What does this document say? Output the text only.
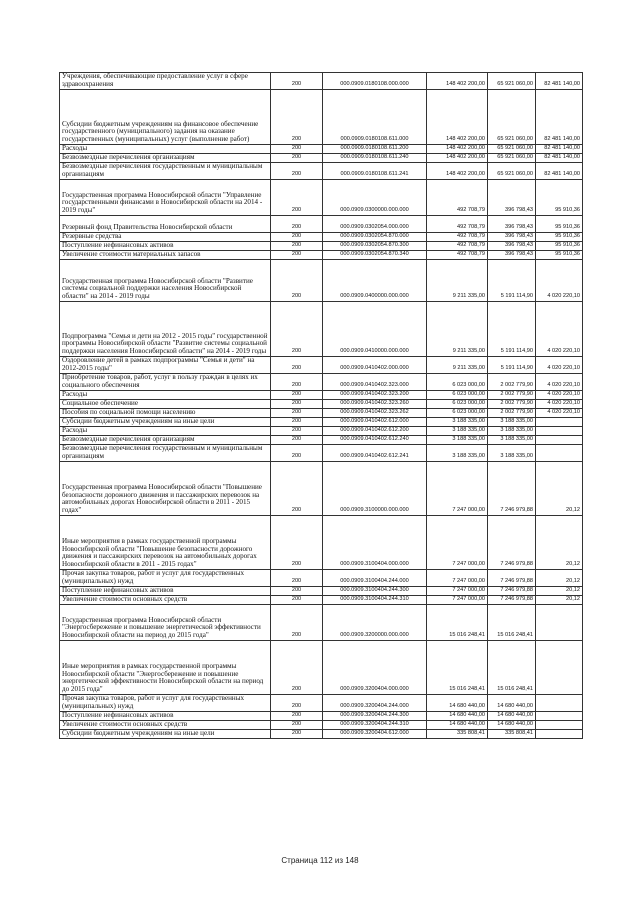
Учреждения, обеспечивающие предоставление услуг в сфере здравоохранения	200	000.0909.0180108.000.000	148 402 200,00	65 921 060,00	82 481 140,00
Субсидии бюджетным учреждениям на финансовое обеспечение государственного (муниципального) задания на оказание государственных (муниципальных) услуг (выполнение работ)	200	000.0909.0180108.611.000	148 402 200,00	65 921 060,00	82 481 140,00
Расходы	200	000.0909.0180108.611.200	148 402 200,00	65 921 060,00	82 481 140,00
Безвозмездные перечисления организациям	200	000.0909.0180108.611.240	148 402 200,00	65 921 060,00	82 481 140,00
Безвозмездные перечисления государственным и муниципальным организациям	200	000.0909.0180108.611.241	148 402 200,00	65 921 060,00	82 481 140,00
Государственная программа Новосибирской области "Управление государственными финансами в Новосибирской области на 2014 - 2019 годы"	200	000.0909.0300000.000.000	492 708,79	396 798,43	95 910,36
Резервный фонд Правительства Новосибирской области	200	000.0909.0302054.000.000	492 708,79	396 798,43	95 910,36
Резервные средства	200	000.0909.0302054.870.000	492 708,79	396 798,43	95 910,36
Поступление нефинансовых активов	200	000.0909.0302054.870.300	492 708,79	396 798,43	95 910,36
Увеличение стоимости материальных запасов	200	000.0909.0302054.870.340	492 708,79	396 798,43	95 910,36
Государственная программа Новосибирской области "Развитие системы социальной поддержки населения Новосибирской области" на 2014 - 2019 годы	200	000.0909.0400000.000.000	9 211 335,00	5 191 114,90	4 020 220,10
Подпрограмма "Семья и дети на 2012 - 2015 годы" государственной программы Новосибирской области "Развитие системы социальной поддержки населения Новосибирской области" на 2014 - 2019 годы	200	000.0909.0410000.000.000	9 211 335,00	5 191 114,90	4 020 220,10
Оздоровление детей в рамках подпрограммы "Семья и дети" на 2012-2015 годы"	200	000.0909.0410402.000.000	9 211 335,00	5 191 114,90	4 020 220,10
Приобретение товаров, работ, услуг в пользу граждан в целях их социального обеспечения	200	000.0909.0410402.323.000	6 023 000,00	2 002 779,90	4 020 220,10
Расходы	200	000.0909.0410402.323.200	6 023 000,00	2 002 779,90	4 020 220,10
Социальное обеспечение	200	000.0909.0410402.323.260	6 023 000,00	2 002 779,90	4 020 220,10
Пособия по социальной помощи населению	200	000.0909.0410402.323.262	6 023 000,00	2 002 779,90	4 020 220,10
Субсидии бюджетным учреждениям на иные цели	200	000.0909.0410402.612.000	3 188 335,00	3 188 335,00	
Расходы	200	000.0909.0410402.612.200	3 188 335,00	3 188 335,00	
Безвозмездные перечисления организациям	200	000.0909.0410402.612.240	3 188 335,00	3 188 335,00	
Безвозмездные перечисления государственным и муниципальным организациям	200	000.0909.0410402.612.241	3 188 335,00	3 188 335,00	
Государственная программа Новосибирской области "Повышение безопасности дорожного движения и пассажирских перевозок на автомобильных дорогах Новосибирской области в 2011 - 2015 годах"	200	000.0909.3100000.000.000	7 247 000,00	7 246 979,88	20,12
Иные мероприятия в рамках государственной программы Новосибирской области "Повышение безопасности дорожного движения и пассажирских перевозок на автомобильных дорогах Новосибирской области в 2011 - 2015 годах"	200	000.0909.3100404.000.000	7 247 000,00	7 246 979,88	20,12
Прочая закупка товаров, работ и услуг для государственных (муниципальных) нужд	200	000.0909.3100404.244.000	7 247 000,00	7 246 979,88	20,12
Поступление нефинансовых активов	200	000.0909.3100404.244.300	7 247 000,00	7 246 979,88	20,12
Увеличение стоимости основных средств	200	000.0909.3100404.244.310	7 247 000,00	7 246 979,88	20,12
Государственная программа Новосибирской области "Энергосбережение и повышение энергетической эффективности Новосибирской области на период до 2015 года"	200	000.0909.3200000.000.000	15 016 248,41	15 016 248,41	
Иные мероприятия в рамках государственной программы Новосибирской области "Энергосбережение и повышение энергетической эффективности Новосибирской области на период до 2015 года"	200	000.0909.3200404.000.000	15 016 248,41	15 016 248,41	
Прочая закупка товаров, работ и услуг для государственных (муниципальных) нужд	200	000.0909.3200404.244.000	14 680 440,00	14 680 440,00	
Поступление нефинансовых активов	200	000.0909.3200404.244.300	14 680 440,00	14 680 440,00	
Увеличение стоимости основных средств	200	000.0909.3200404.244.310	14 680 440,00	14 680 440,00	
Субсидии бюджетным учреждениям на иные цели	200	000.0909.3200404.612.000	335 808,41	335 808,41	
Страница 112 из 148
